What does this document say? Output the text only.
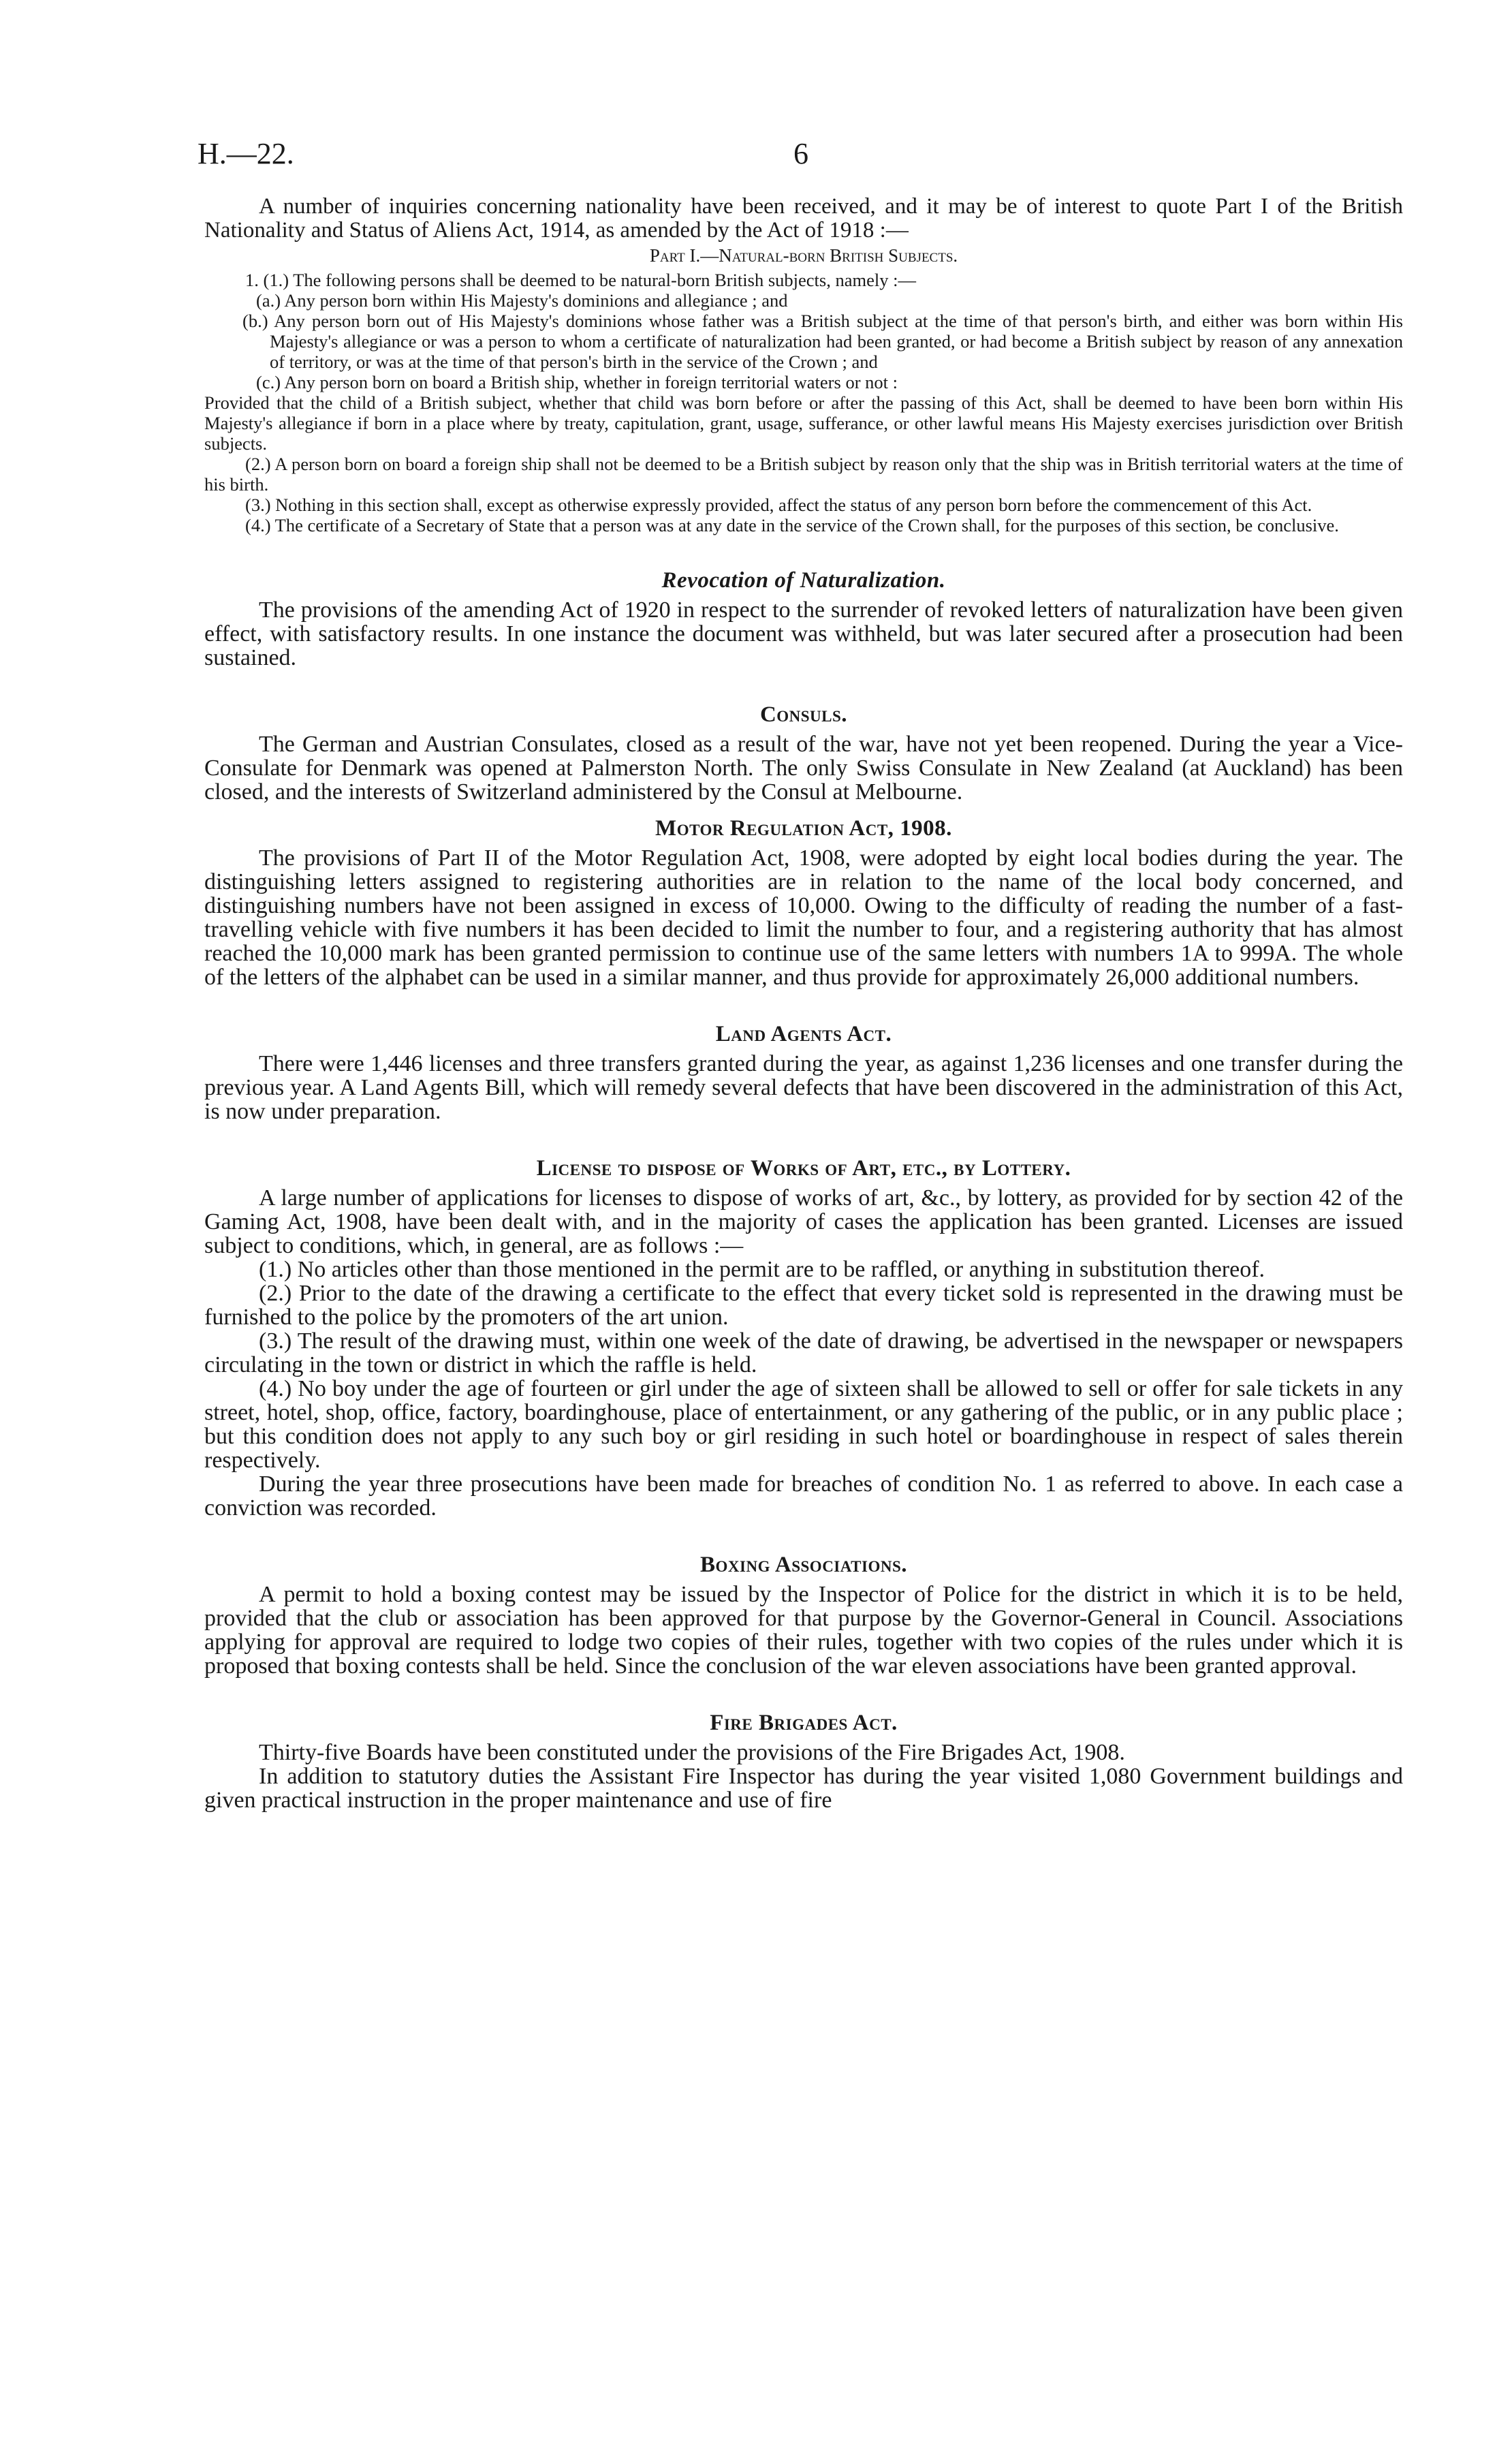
H.—22.	6

A number of inquiries concerning nationality have been received, and it may be of interest to quote Part I of the British Nationality and Status of Aliens Act, 1914, as amended by the Act of 1918 :—

Part I.—Natural-born British Subjects.

1. (1.) The following persons shall be deemed to be natural-born British subjects, namely :—

(a.) Any person born within His Majesty's dominions and allegiance ; and

(b.) Any person born out of His Majesty's dominions whose father was a British subject at the time of that person's birth, and either was born within His Majesty's allegiance or was a person to whom a certificate of naturalization had been granted, or had become a British subject by reason of any annexation of territory, or was at the time of that person's birth in the service of the Crown ; and

(c.) Any person born on board a British ship, whether in foreign territorial waters or not :

Provided that the child of a British subject, whether that child was born before or after the passing of this Act, shall be deemed to have been born within His Majesty's allegiance if born in a place where by treaty, capitulation, grant, usage, sufferance, or other lawful means His Majesty exercises jurisdiction over British subjects.

(2.) A person born on board a foreign ship shall not be deemed to be a British subject by reason only that the ship was in British territorial waters at the time of his birth.

(3.) Nothing in this section shall, except as otherwise expressly provided, affect the status of any person born before the commencement of this Act.

(4.) The certificate of a Secretary of State that a person was at any date in the service of the Crown shall, for the purposes of this section, be conclusive.

Revocation of Naturalization.

The provisions of the amending Act of 1920 in respect to the surrender of revoked letters of naturalization have been given effect, with satisfactory results. In one instance the document was withheld, but was later secured after a prosecution had been sustained.

Consuls.

The German and Austrian Consulates, closed as a result of the war, have not yet been reopened. During the year a Vice-Consulate for Denmark was opened at Palmerston North. The only Swiss Consulate in New Zealand (at Auckland) has been closed, and the interests of Switzerland administered by the Consul at Melbourne.

Motor Regulation Act, 1908.

The provisions of Part II of the Motor Regulation Act, 1908, were adopted by eight local bodies during the year. The distinguishing letters assigned to registering authorities are in relation to the name of the local body concerned, and distinguishing numbers have not been assigned in excess of 10,000. Owing to the difficulty of reading the number of a fast-travelling vehicle with five numbers it has been decided to limit the number to four, and a registering authority that has almost reached the 10,000 mark has been granted permission to continue use of the same letters with numbers 1A to 999A. The whole of the letters of the alphabet can be used in a similar manner, and thus provide for approximately 26,000 additional numbers.

Land Agents Act.

There were 1,446 licenses and three transfers granted during the year, as against 1,236 licenses and one transfer during the previous year. A Land Agents Bill, which will remedy several defects that have been discovered in the administration of this Act, is now under preparation.

License to dispose of Works of Art, etc., by Lottery.

A large number of applications for licenses to dispose of works of art, &c., by lottery, as provided for by section 42 of the Gaming Act, 1908, have been dealt with, and in the majority of cases the application has been granted. Licenses are issued subject to conditions, which, in general, are as follows :—

(1.) No articles other than those mentioned in the permit are to be raffled, or anything in substitution thereof.

(2.) Prior to the date of the drawing a certificate to the effect that every ticket sold is represented in the drawing must be furnished to the police by the promoters of the art union.

(3.) The result of the drawing must, within one week of the date of drawing, be advertised in the newspaper or newspapers circulating in the town or district in which the raffle is held.

(4.) No boy under the age of fourteen or girl under the age of sixteen shall be allowed to sell or offer for sale tickets in any street, hotel, shop, office, factory, boardinghouse, place of entertainment, or any gathering of the public, or in any public place ; but this condition does not apply to any such boy or girl residing in such hotel or boardinghouse in respect of sales therein respectively.

During the year three prosecutions have been made for breaches of condition No. 1 as referred to above. In each case a conviction was recorded.

Boxing Associations.

A permit to hold a boxing contest may be issued by the Inspector of Police for the district in which it is to be held, provided that the club or association has been approved for that purpose by the Governor-General in Council. Associations applying for approval are required to lodge two copies of their rules, together with two copies of the rules under which it is proposed that boxing contests shall be held. Since the conclusion of the war eleven associations have been granted approval.

Fire Brigades Act.

Thirty-five Boards have been constituted under the provisions of the Fire Brigades Act, 1908.

In addition to statutory duties the Assistant Fire Inspector has during the year visited 1,080 Government buildings and given practical instruction in the proper maintenance and use of fire
